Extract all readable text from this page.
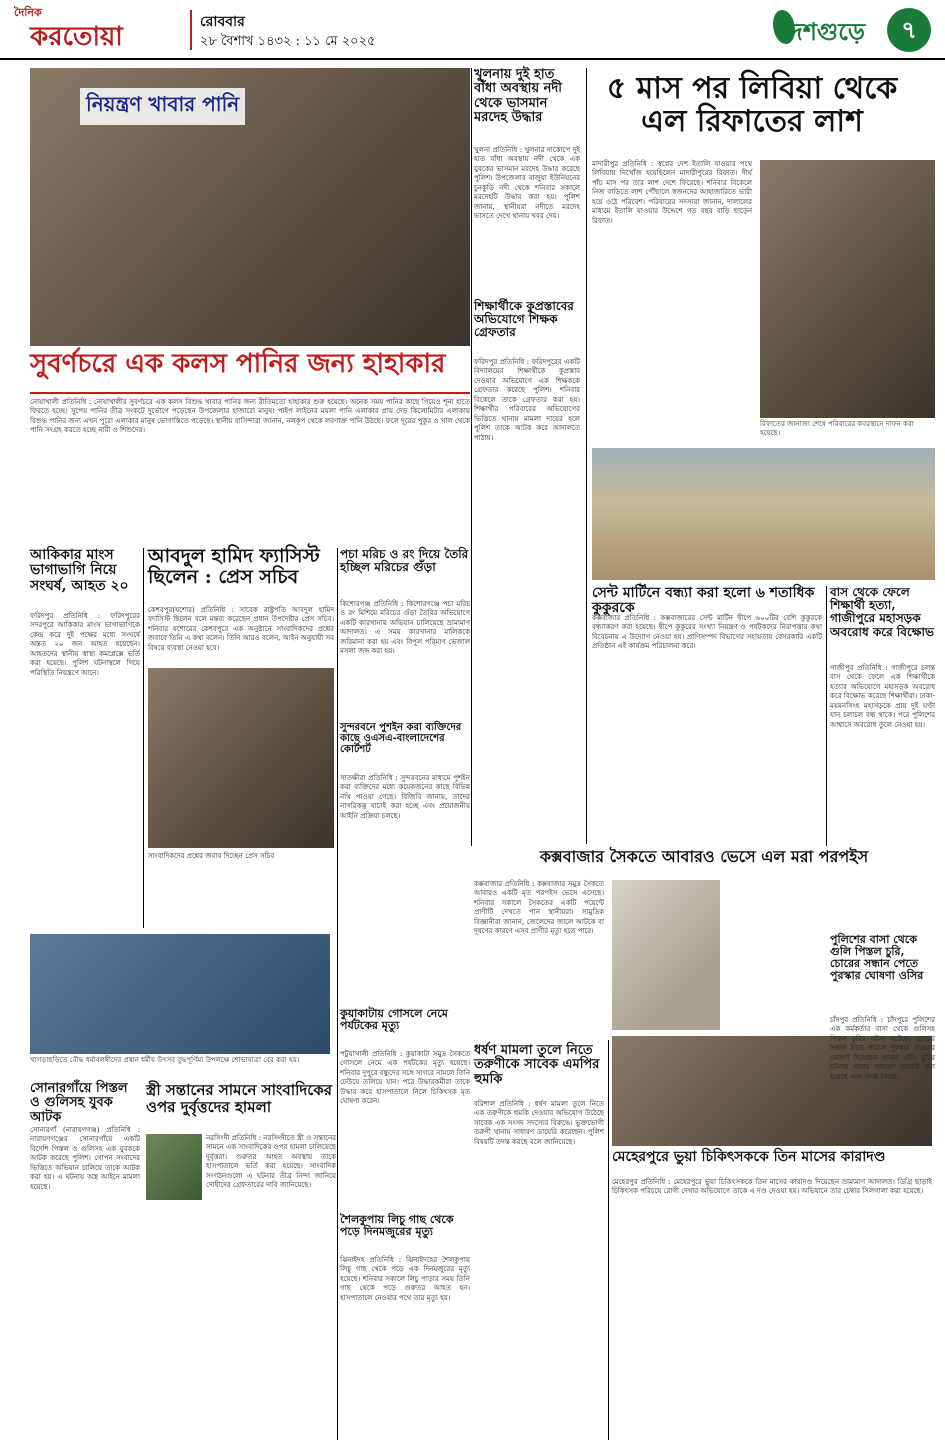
দৈনিক
করতোয়া	রোববার
২৮ বৈশাখ ১৪৩২ : ১১ মে ২০২৫	দেশগুড়ে	৭
নিয়ন্ত্রণ খাবার পানি
সুবর্ণচরে এক কলস পানির জন্য হাহাকার
নোয়াখালী প্রতিনিধি : নোয়াখালীর সুবর্ণচরে এক কলস বিশুদ্ধ খাবার পানির জন্য রীতিমতো হাহাকার শুরু হয়েছে। অনেক সময় পানির কাছে গিয়েও শূন্য হাতে ফিরতে হচ্ছে। সুপেয় পানির তীব্র সংকটে দুর্ভোগে পড়েছেন উপজেলার হাজারো মানুষ। পাইপ লাইনের ময়লা পানি এলাকার প্রায় দেড় কিলোমিটার এলাকায় বিশুদ্ধ পানির জন্য এখন পুরো এলাকার মানুষ ভোগান্তিতে পড়েছে। স্থানীয় বাসিন্দারা জানান, নলকূপ থেকে লবণাক্ত পানি উঠছে। ফলে দূরের পুকুর ও খাল থেকে পানি সংগ্রহ করতে হচ্ছে নারী ও শিশুদের।
খুলনায় দুই হাত বাঁধা অবস্থায় নদী থেকে ভাসমান মরদেহ উদ্ধার
খুলনা প্রতিনিধি : খুলনার দাকোপে দুই হাত বাঁধা অবস্থায় নদী থেকে এক যুবকের ভাসমান মরদেহ উদ্ধার করেছে পুলিশ। উপজেলার বাজুয়া ইউনিয়নের চুনকুড়ি নদী থেকে শনিবার সকালে মরদেহটি উদ্ধার করা হয়। পুলিশ জানায়, স্থানীয়রা নদীতে মরদেহ ভাসতে দেখে থানায় খবর দেয়।
৫ মাস পর লিবিয়া থেকে এল রিফাতের লাশ
মাদারীপুর প্রতিনিধি : স্বপ্নের দেশ ইতালি যাওয়ার পথে লিবিয়ায় নিখোঁজ হয়েছিলেন মাদারীপুরের রিফাত। দীর্ঘ পাঁচ মাস পর তার লাশ দেশে ফিরেছে। শনিবার বিকেলে নিজ বাড়িতে লাশ পৌঁছালে স্বজনদের আহাজারিতে ভারী হয়ে ওঠে পরিবেশ। পরিবারের সদস্যরা জানান, দালালের মাধ্যমে ইতালি যাওয়ার উদ্দেশে গত বছর বাড়ি ছাড়েন রিফাত।
রিফাতের জানাজা শেষে পরিবারের কবরস্থানে দাফন করা হয়েছে।
শিক্ষার্থীকে কুপ্রস্তাবের অভিযোগে শিক্ষক গ্রেফতার
ফরিদপুর প্রতিনিধি : ফরিদপুরের একটি বিদ্যালয়ের শিক্ষার্থীকে কুপ্রস্তাব দেওয়ার অভিযোগে এক শিক্ষককে গ্রেফতার করেছে পুলিশ। শনিবার বিকেলে তাকে গ্রেফতার করা হয়। শিক্ষার্থীর পরিবারের অভিযোগের ভিত্তিতে থানায় মামলা দায়ের হলে পুলিশ তাকে আটক করে আদালতে পাঠায়।
সেন্ট মার্টিনে বন্ধ্যা করা হলো ৬ শতাধিক কুকুরকে
কক্সবাজার প্রতিনিধি : কক্সবাজারের সেন্ট মার্টিন দ্বীপে ৬০০টির বেশি কুকুরকে বন্ধ্যাকরণ করা হয়েছে। দ্বীপে কুকুরের সংখ্যা নিয়ন্ত্রণ ও পর্যটকদের নিরাপত্তার কথা বিবেচনায় এ উদ্যোগ নেওয়া হয়। প্রাণিসম্পদ বিভাগের সহায়তায় বেসরকারি একটি প্রতিষ্ঠান এই কার্যক্রম পরিচালনা করে।
বাস থেকে ফেলে শিক্ষার্থী হত্যা, গাজীপুরে মহাসড়ক অবরোধ করে বিক্ষোভ
গাজীপুর প্রতিনিধি : গাজীপুরে চলন্ত বাস থেকে ফেলে এক শিক্ষার্থীকে হত্যার অভিযোগে মহাসড়ক অবরোধ করে বিক্ষোভ করেছে শিক্ষার্থীরা। ঢাকা-ময়মনসিংহ মহাসড়কে প্রায় দুই ঘণ্টা যান চলাচল বন্ধ থাকে। পরে পুলিশের আশ্বাসে অবরোধ তুলে নেওয়া হয়।
আকিকার মাংস ভাগাভাগি নিয়ে সংঘর্ষ, আহত ২০
ফরিদপুর প্রতিনিধি : ফরিদপুরের সদরপুরে আকিকার মাংস ভাগাভাগিকে কেন্দ্র করে দুই পক্ষের মধ্যে সংঘর্ষে অন্তত ২০ জন আহত হয়েছেন। আহতদের স্থানীয় স্বাস্থ্য কমপ্লেক্সে ভর্তি করা হয়েছে। পুলিশ ঘটনাস্থলে গিয়ে পরিস্থিতি নিয়ন্ত্রণে আনে।
আবদুল হামিদ ফ্যাসিস্ট ছিলেন : প্রেস সচিব
কেশবপুর(যশোর) প্রতিনিধি : সাবেক রাষ্ট্রপতি আবদুল হামিদ ফ্যাসিস্ট ছিলেন বলে মন্তব্য করেছেন প্রধান উপদেষ্টার প্রেস সচিব। শনিবার যশোরের কেশবপুরে এক অনুষ্ঠানে সাংবাদিকদের প্রশ্নের জবাবে তিনি এ কথা বলেন। তিনি আরও বলেন, আইন অনুযায়ী সব বিষয়ে ব্যবস্থা নেওয়া হবে।
সাংবাদিকদের প্রশ্নের জবাব দিচ্ছেন প্রেস সচিব
পচা মরিচ ও রং দিয়ে তৈরি হচ্ছিল মরিচের গুঁড়া
কিশোরগঞ্জ প্রতিনিধি : কিশোরগঞ্জে পচা মরিচ ও রং মিশিয়ে মরিচের গুঁড়া তৈরির অভিযোগে একটি কারখানায় অভিযান চালিয়েছে ভ্রাম্যমাণ আদালত। এ সময় কারখানার মালিককে জরিমানা করা হয় এবং বিপুল পরিমাণ ভেজাল মসলা জব্দ করা হয়।
সুন্দরবনে পুশইন করা ব্যক্তিদের কাছে ওএসএ-বাংলাদেশের কোর্টশর্ট
সাতক্ষীরা প্রতিনিধি : সুন্দরবনের মাধ্যমে পুশইন করা ব্যক্তিদের মধ্যে কয়েকজনের কাছে বিভিন্ন নথি পাওয়া গেছে। বিজিবি জানায়, তাদের নাগরিকত্ব যাচাই করা হচ্ছে এবং প্রয়োজনীয় আইনি প্রক্রিয়া চলছে।
কক্সবাজার সৈকতে আবারও ভেসে এল মরা পরপইস
কক্সবাজার প্রতিনিধি : কক্সবাজার সমুদ্র সৈকতে আবারও একটি মৃত পরপইস ভেসে এসেছে। শনিবার সকালে সৈকতের একটি পয়েন্টে প্রাণীটি দেখতে পান স্থানীয়রা। সামুদ্রিক বিজ্ঞানীরা জানান, জেলেদের জালে আটকে বা দূষণের কারণে এসব প্রাণীর মৃত্যু হতে পারে।
খাগড়াছড়িতে বৌদ্ধ ধর্মাবলম্বীদের প্রধান ধর্মীয় উৎসব বুদ্ধপূর্ণিমা উপলক্ষে শোভাযাত্রা বের করা হয়।
কুয়াকাটায় গোসলে নেমে পর্যটকের মৃত্যু
পটুয়াখালী প্রতিনিধি : কুয়াকাটা সমুদ্র সৈকতে গোসলে নেমে এক পর্যটকের মৃত্যু হয়েছে। শনিবার দুপুরে বন্ধুদের সঙ্গে সাগরে নামলে তিনি ঢেউয়ে তলিয়ে যান। পরে উদ্ধারকর্মীরা তাকে উদ্ধার করে হাসপাতালে নিলে চিকিৎসক মৃত ঘোষণা করেন।
ধর্ষণ মামলা তুলে নিতে তরুণীকে সাবেক এমপির হুমকি
বরিশাল প্রতিনিধি : ধর্ষণ মামলা তুলে নিতে এক তরুণীকে হুমকি দেওয়ার অভিযোগ উঠেছে সাবেক এক সংসদ সদস্যের বিরুদ্ধে। ভুক্তভোগী তরুণী থানায় সাধারণ ডায়েরি করেছেন। পুলিশ বিষয়টি তদন্ত করছে বলে জানিয়েছে।
মেহেরপুরে ভুয়া চিকিৎসককে তিন মাসের কারাদণ্ড
মেহেরপুর প্রতিনিধি : মেহেরপুরে ভুয়া চিকিৎসককে তিন মাসের কারাদণ্ড দিয়েছেন ভ্রাম্যমাণ আদালত। ডিগ্রি ছাড়াই চিকিৎসক পরিচয়ে রোগী দেখার অভিযোগে তাকে এ দণ্ড দেওয়া হয়। অভিযানে তার চেম্বার সিলগালা করা হয়েছে।
পুলিশের বাসা থেকে গুলি পিস্তল চুরি, চোরের সন্ধান পেতে পুরস্কার ঘোষণা ওসির
চাঁদপুর প্রতিনিধি : চাঁদপুরে পুলিশের এক কর্মকর্তার বাসা থেকে গুলিসহ পিস্তল চুরির ঘটনা ঘটেছে। চোরের সন্ধান দিতে পারলে পুরস্কার দেওয়ার ঘোষণা দিয়েছেন থানার ওসি। চুরির ঘটনায় থানায় সাধারণ ডায়েরি করা হয়েছে এবং তদন্ত চলছে।
সোনারগাঁয়ে পিস্তল ও গুলিসহ যুবক আটক
সোনারগাঁ (নারায়ণগঞ্জ) প্রতিনিধি : নারায়ণগঞ্জের সোনারগাঁয়ে একটি বিদেশি পিস্তল ও গুলিসহ এক যুবককে আটক করেছে পুলিশ। গোপন সংবাদের ভিত্তিতে অভিযান চালিয়ে তাকে আটক করা হয়। এ ঘটনায় অস্ত্র আইনে মামলা হয়েছে।
স্ত্রী সন্তানের সামনে সাংবাদিকের ওপর দুর্বৃত্তদের হামলা
নরসিংদী প্রতিনিধি : নরসিংদীতে স্ত্রী ও সন্তানের সামনে এক সাংবাদিকের ওপর হামলা চালিয়েছে দুর্বৃত্তরা। গুরুতর আহত অবস্থায় তাকে হাসপাতালে ভর্তি করা হয়েছে। সাংবাদিক সংগঠনগুলো এ ঘটনার তীব্র নিন্দা জানিয়ে দোষীদের গ্রেফতারের দাবি জানিয়েছে।
শৈলকুপায় লিচু গাছ থেকে পড়ে দিনমজুরের মৃত্যু
ঝিনাইদহ প্রতিনিধি : ঝিনাইদহের শৈলকুপায় লিচু গাছ থেকে পড়ে এক দিনমজুরের মৃত্যু হয়েছে। শনিবার সকালে লিচু পাড়ার সময় তিনি গাছ থেকে পড়ে গুরুতর আহত হন। হাসপাতালে নেওয়ার পথে তার মৃত্যু হয়।
